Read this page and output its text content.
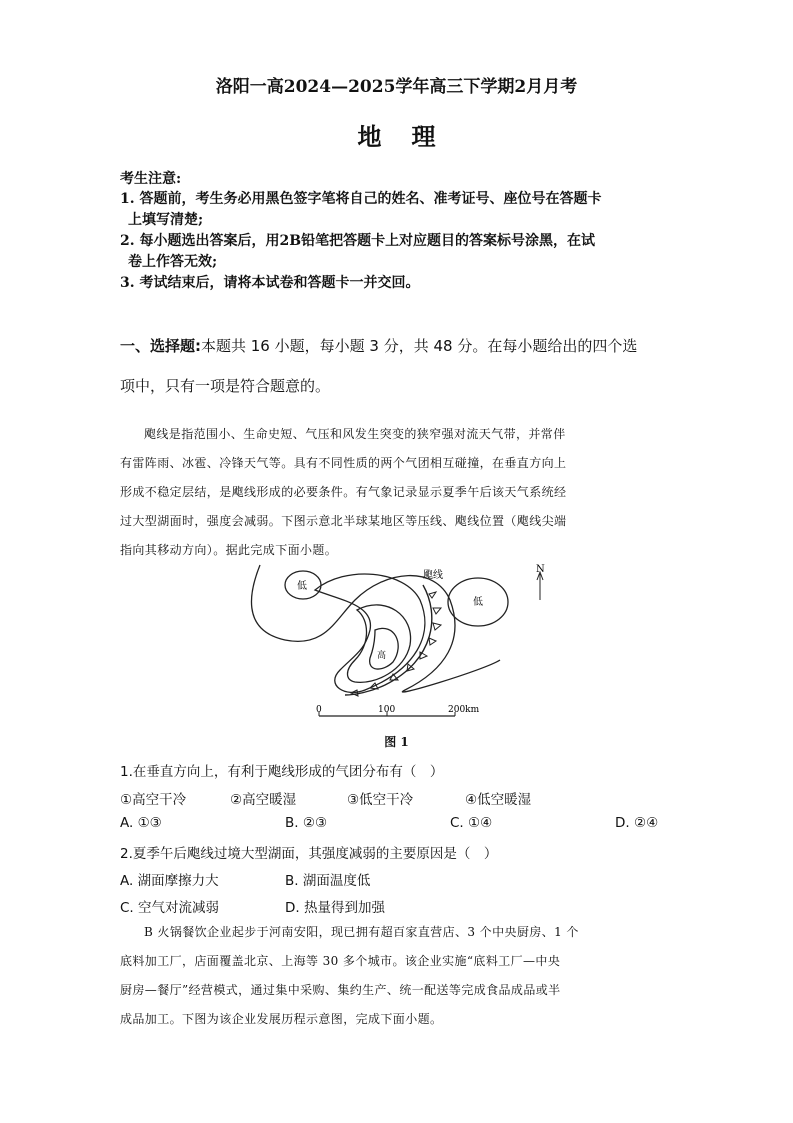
洛阳一高2024—2025学年高三下学期2月月考
地理
考生注意:
1. 答题前，考生务必用黑色签字笔将自己的姓名、准考证号、座位号在答题卡
上填写清楚;
2. 每小题选出答案后，用2B铅笔把答题卡上对应题目的答案标号涂黑，在试
卷上作答无效;
3. 考试结束后，请将本试卷和答题卡一并交回。
一、选择题:本题共 16 小题，每小题 3 分，共 48 分。在每小题给出的四个选
项中，只有一项是符合题意的。
飑线是指范围小、生命史短、气压和风发生突变的狭窄强对流天气带，并常伴
有雷阵雨、冰雹、冷锋天气等。具有不同性质的两个气团相互碰撞，在垂直方向上
形成不稳定层结，是飑线形成的必要条件。有气象记录显示夏季午后该天气系统经
过大型湖面时，强度会减弱。下图示意北半球某地区等压线、飑线位置（飑线尖端
指向其移动方向）。据此完成下面小题。
低
低
高
飑线
N
0	100	200km
图 1
1.在垂直方向上，有利于飑线形成的气团分布有（　）
①高空干冷	②高空暖湿	③低空干冷	④低空暖湿
A. ①③	B. ②③	C. ①④	D. ②④
2.夏季午后飑线过境大型湖面，其强度减弱的主要原因是（　）
A. 湖面摩擦力大	B. 湖面温度低
C. 空气对流减弱	D. 热量得到加强
B 火锅餐饮企业起步于河南安阳，现已拥有超百家直营店、3 个中央厨房、1 个
底料加工厂，店面覆盖北京、上海等 30 多个城市。该企业实施“底料工厂—中央
厨房—餐厅”经营模式，通过集中采购、集约生产、统一配送等完成食品成品或半
成品加工。下图为该企业发展历程示意图，完成下面小题。
